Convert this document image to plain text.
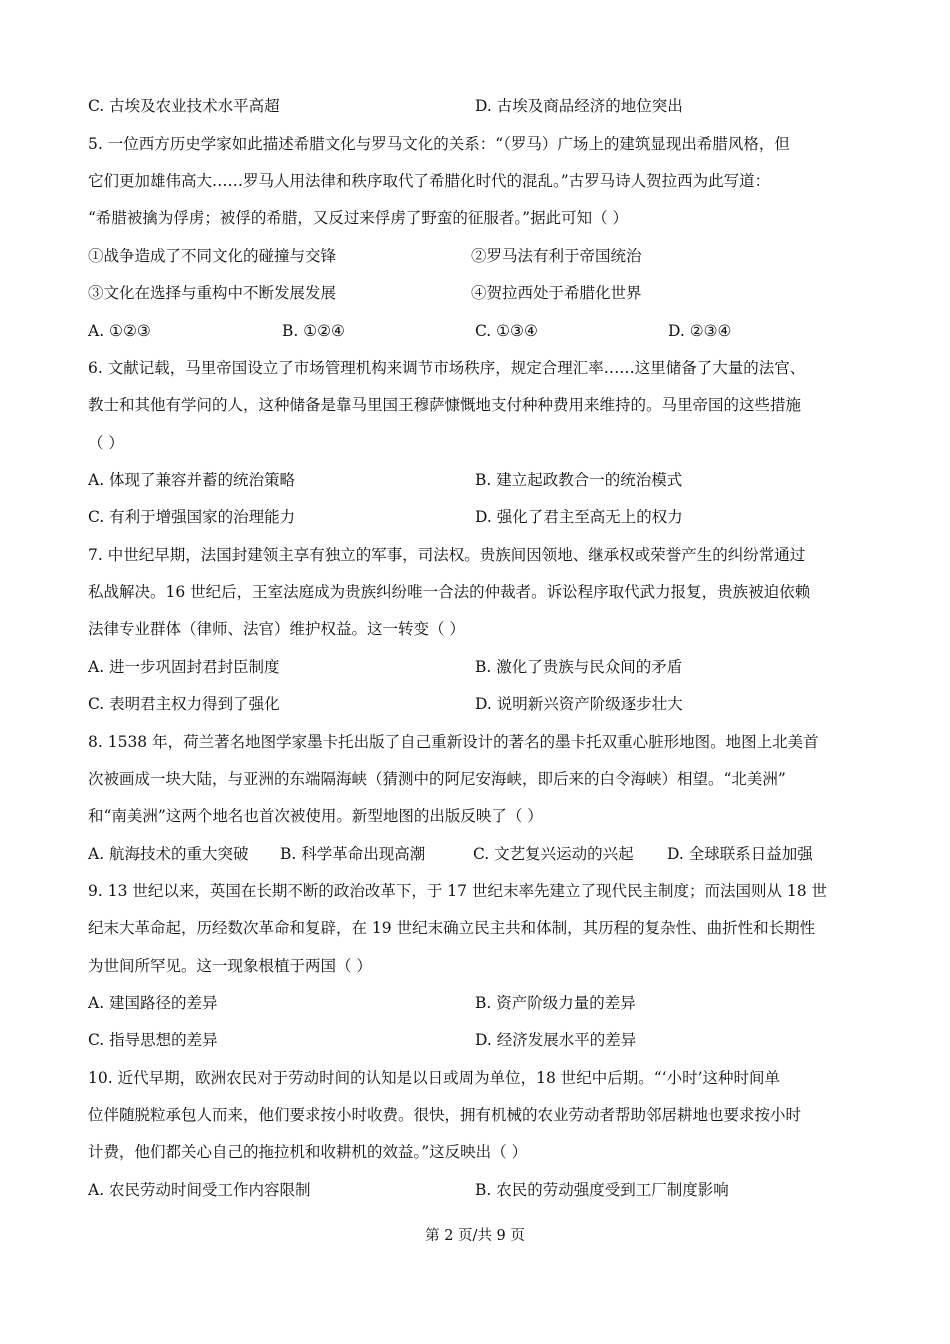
C. 古埃及农业技术水平高超	D. 古埃及商品经济的地位突出
5. 一位西方历史学家如此描述希腊文化与罗马文化的关系：“（罗马）广场上的建筑显现出希腊风格，但
它们更加雄伟高大……罗马人用法律和秩序取代了希腊化时代的混乱。”古罗马诗人贺拉西为此写道：
“希腊被擒为俘虏；被俘的希腊，又反过来俘虏了野蛮的征服者。”据此可知（ ）
①战争造成了不同文化的碰撞与交锋	②罗马法有利于帝国统治
③文化在选择与重构中不断发展发展	④贺拉西处于希腊化世界
A. ①②③	B. ①②④	C. ①③④	D. ②③④
6. 文献记载，马里帝国设立了市场管理机构来调节市场秩序，规定合理汇率……这里储备了大量的法官、
教士和其他有学问的人，这种储备是靠马里国王穆萨慷慨地支付种种费用来维持的。马里帝国的这些措施
（ ）
A. 体现了兼容并蓄的统治策略	B. 建立起政教合一的统治模式
C. 有利于增强国家的治理能力	D. 强化了君主至高无上的权力
7. 中世纪早期，法国封建领主享有独立的军事，司法权。贵族间因领地、继承权或荣誉产生的纠纷常通过
私战解决。16 世纪后，王室法庭成为贵族纠纷唯一合法的仲裁者。诉讼程序取代武力报复，贵族被迫依赖
法律专业群体（律师、法官）维护权益。这一转变（ ）
A. 进一步巩固封君封臣制度	B. 激化了贵族与民众间的矛盾
C. 表明君主权力得到了强化	D. 说明新兴资产阶级逐步壮大
8. 1538 年，荷兰著名地图学家墨卡托出版了自己重新设计的著名的墨卡托双重心脏形地图。地图上北美首
次被画成一块大陆，与亚洲的东端隔海峡（猜测中的阿尼安海峡，即后来的白令海峡）相望。“北美洲”
和“南美洲”这两个地名也首次被使用。新型地图的出版反映了（ ）
A. 航海技术的重大突破 B. 科学革命出现高潮	C. 文艺复兴运动的兴起 D. 全球联系日益加强
9. 13 世纪以来，英国在长期不断的政治改革下，于 17 世纪末率先建立了现代民主制度；而法国则从 18 世
纪末大革命起，历经数次革命和复辟，在 19 世纪末确立民主共和体制，其历程的复杂性、曲折性和长期性
为世间所罕见。这一现象根植于两国（ ）
A. 建国路径的差异	B. 资产阶级力量的差异
C. 指导思想的差异	D. 经济发展水平的差异
10. 近代早期，欧洲农民对于劳动时间的认知是以日或周为单位，18 世纪中后期。“‘小时’这种时间单
位伴随脱粒承包人而来，他们要求按小时收费。很快，拥有机械的农业劳动者帮助邻居耕地也要求按小时
计费，他们都关心自己的拖拉机和收耕机的效益。”这反映出（ ）
A. 农民劳动时间受工作内容限制	B. 农民的劳动强度受到工厂制度影响
第 2 页/共 9 页
